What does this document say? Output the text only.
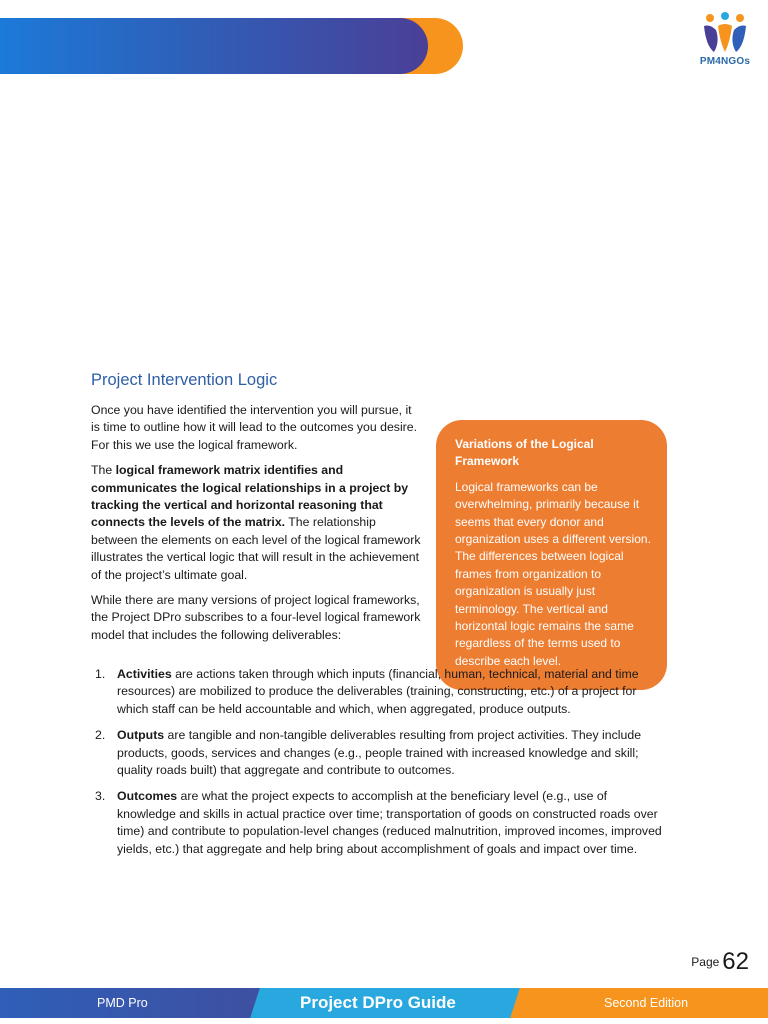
PM4NGOs
Project Intervention Logic

Once you have identified the intervention you will pursue, it is time to outline how it will lead to the outcomes you desire. For this we use the logical framework.

The logical framework matrix identifies and communicates the logical relationships in a project by tracking the vertical and horizontal reasoning that connects the levels of the matrix. The relationship between the elements on each level of the logical framework illustrates the vertical logic that will result in the achievement of the project’s ultimate goal.

While there are many versions of project logical frameworks, the Project DPro subscribes to a four-level logical framework model that includes the following deliverables:

Variations of the Logical Framework
Logical frameworks can be overwhelming, primarily because it seems that every donor and organization uses a different version. The differences between logical frames from organization to organization is usually just terminology. The vertical and horizontal logic remains the same regardless of the terms used to describe each level.
1. Activities are actions taken through which inputs (financial, human, technical, material and time resources) are mobilized to produce the deliverables (training, constructing, etc.) of a project for which staff can be held accountable and which, when aggregated, produce outputs.
2. Outputs are tangible and non-tangible deliverables resulting from project activities. They include products, goods, services and changes (e.g., people trained with increased knowledge and skill; quality roads built) that aggregate and contribute to outcomes.
3. Outcomes are what the project expects to accomplish at the beneficiary level (e.g., use of knowledge and skills in actual practice over time; transportation of goods on constructed roads over time) and contribute to population-level changes (reduced malnutrition, improved incomes, improved yields, etc.) that aggregate and help bring about accomplishment of goals and impact over time.
Page 62
PMD Pro	Project DPro Guide	Second Edition
